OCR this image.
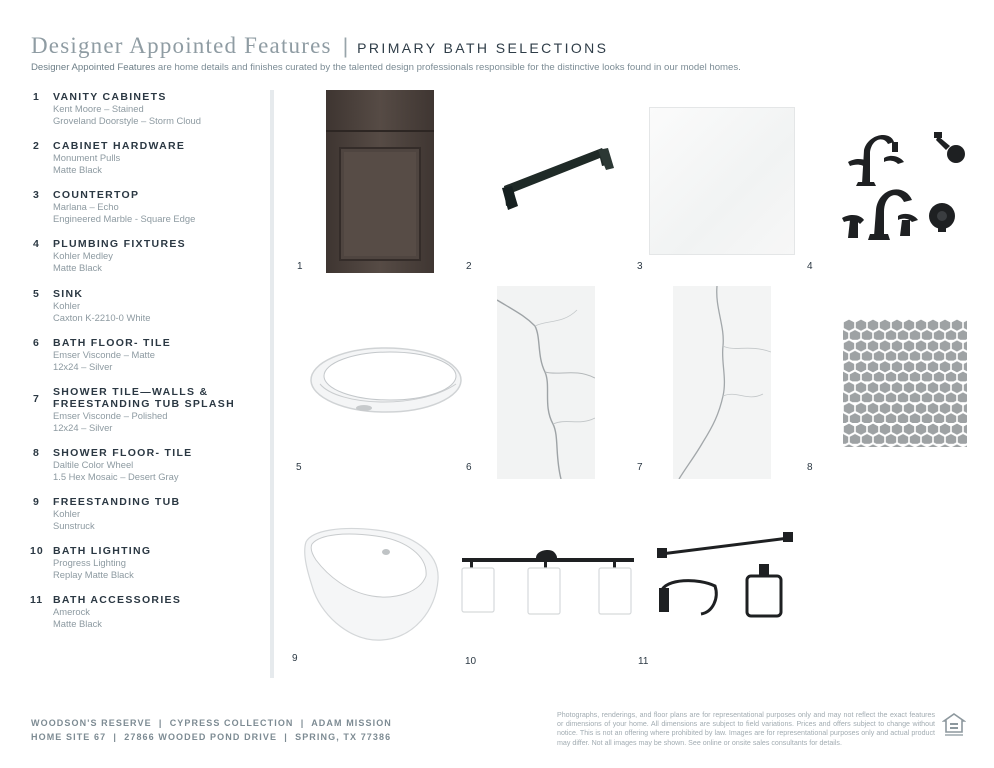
Designer Appointed Features | PRIMARY BATH SELECTIONS
Designer Appointed Features are home details and finishes curated by the talented design professionals responsible for the distinctive looks found in our model homes.
1 VANITY CABINETS
Kent Moore – Stained
Groveland Doorstyle – Storm Cloud
2 CABINET HARDWARE
Monument Pulls
Matte Black
3 COUNTERTOP
Marlana – Echo
Engineered Marble - Square Edge
4 PLUMBING FIXTURES
Kohler Medley
Matte Black
5 SINK
Kohler
Caxton K-2210-0 White
6 BATH FLOOR- TILE
Emser Visconde – Matte
12x24 – Silver
7
SHOWER TILE—WALLS & FREESTANDING TUB SPLASH
Emser Visconde – Polished
12x24 – Silver
8 SHOWER FLOOR- TILE
Daltile Color Wheel
1.5 Hex Mosaic – Desert Gray
9 FREESTANDING TUB
Kohler
Sunstruck
10 BATH LIGHTING
Progress Lighting
Replay Matte Black
11 BATH ACCESSORIES
Amerock
Matte Black
1	2	3	4
5	6	7	8
9	10	11
WOODSON'S RESERVE  |  CYPRESS COLLECTION  |  ADAM MISSION
HOME SITE 67  |  27866 WOODED POND DRIVE  |  SPRING, TX 77386
Photographs, renderings, and floor plans are for representational purposes only and may not reflect the exact features or dimensions of your home. All dimensions are subject to field variations. Prices and offers subject to change without notice. This is not an offering where prohibited by law. Images are for representational purposes only and actual product may differ. Not all images may be shown. See online or onsite sales consultants for details.
